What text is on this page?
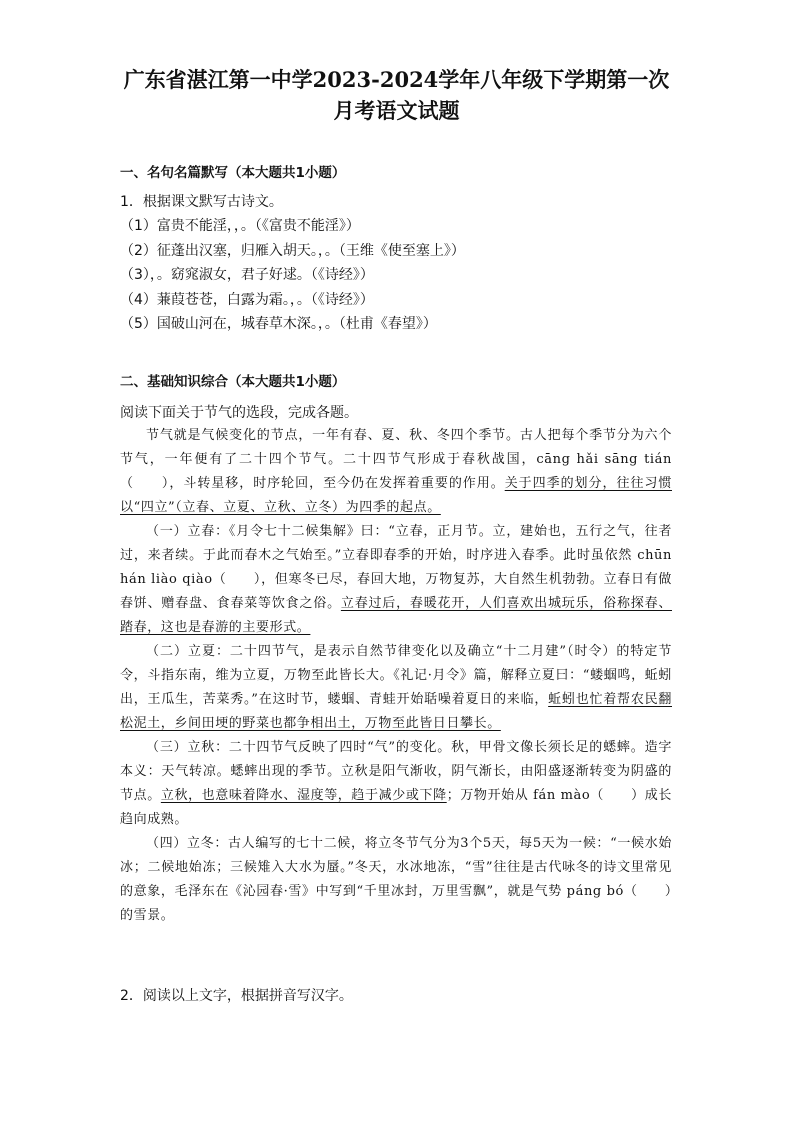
广东省湛江第一中学2023-2024学年八年级下学期第一次
月考语文试题
一、名句名篇默写（本大题共1小题）
1．根据课文默写古诗文。
（1）富贵不能淫，，。（《富贵不能淫》）
（2）征蓬出汉塞，归雁入胡天。，。（王维《使至塞上》）
（3），。窈窕淑女，君子好逑。（《诗经》）
（4）蒹葭苍苍，白露为霜。，。（《诗经》）
（5）国破山河在，城春草木深。，。（杜甫《春望》）
二、基础知识综合（本大题共1小题）
阅读下面关于节气的选段，完成各题。

节气就是气候变化的节点，一年有春、夏、秋、冬四个季节。古人把每个季节分为六个节气，一年便有了二十四个节气。二十四节气形成于春秋战国，cāng hǎi sāng tián（　　），斗转星移，时序轮回，至今仍在发挥着重要的作用。关于四季的划分，往往习惯以“四立”（立春、立夏、立秋、立冬）为四季的起点。

（一）立春：《月令七十二候集解》曰：“立春，正月节。立，建始也，五行之气，往者过，来者续。于此而春木之气始至。”立春即春季的开始，时序进入春季。此时虽依然 chūn hán liào qiào（　　），但寒冬已尽，春回大地，万物复苏，大自然生机勃勃。立春日有做春饼、赠春盘、食春菜等饮食之俗。立春过后，春暖花开，人们喜欢出城玩乐，俗称探春、踏春，这也是春游的主要形式。

（二）立夏：二十四节气，是表示自然节律变化以及确立“十二月建”（时令）的特定节令，斗指东南，维为立夏，万物至此皆长大。《礼记·月令》篇，解释立夏曰：“蝼蝈鸣，蚯蚓出，王瓜生，苦菜秀。”在这时节，蝼蝈、青蛙开始聒噪着夏日的来临，蚯蚓也忙着帮农民翻松泥土，乡间田埂的野菜也都争相出土，万物至此皆日日攀长。

（三）立秋：二十四节气反映了四时“气”的变化。秋，甲骨文像长须长足的蟋蟀。造字本义：天气转凉。蟋蟀出现的季节。立秋是阳气渐收，阴气渐长，由阳盛逐渐转变为阴盛的节点。立秋，也意味着降水、湿度等，趋于减少或下降；万物开始从 fán mào（　　）成长趋向成熟。

（四）立冬：古人编写的七十二候，将立冬节气分为3个5天，每5天为一候：“一候水始冰；二候地始冻；三候雉入大水为蜃。”冬天，水冰地冻，“雪”往往是古代咏冬的诗文里常见的意象，毛泽东在《沁园春·雪》中写到“千里冰封，万里雪飘”，就是气势 páng bó（　　）的雪景。

2．阅读以上文字，根据拼音写汉字。
